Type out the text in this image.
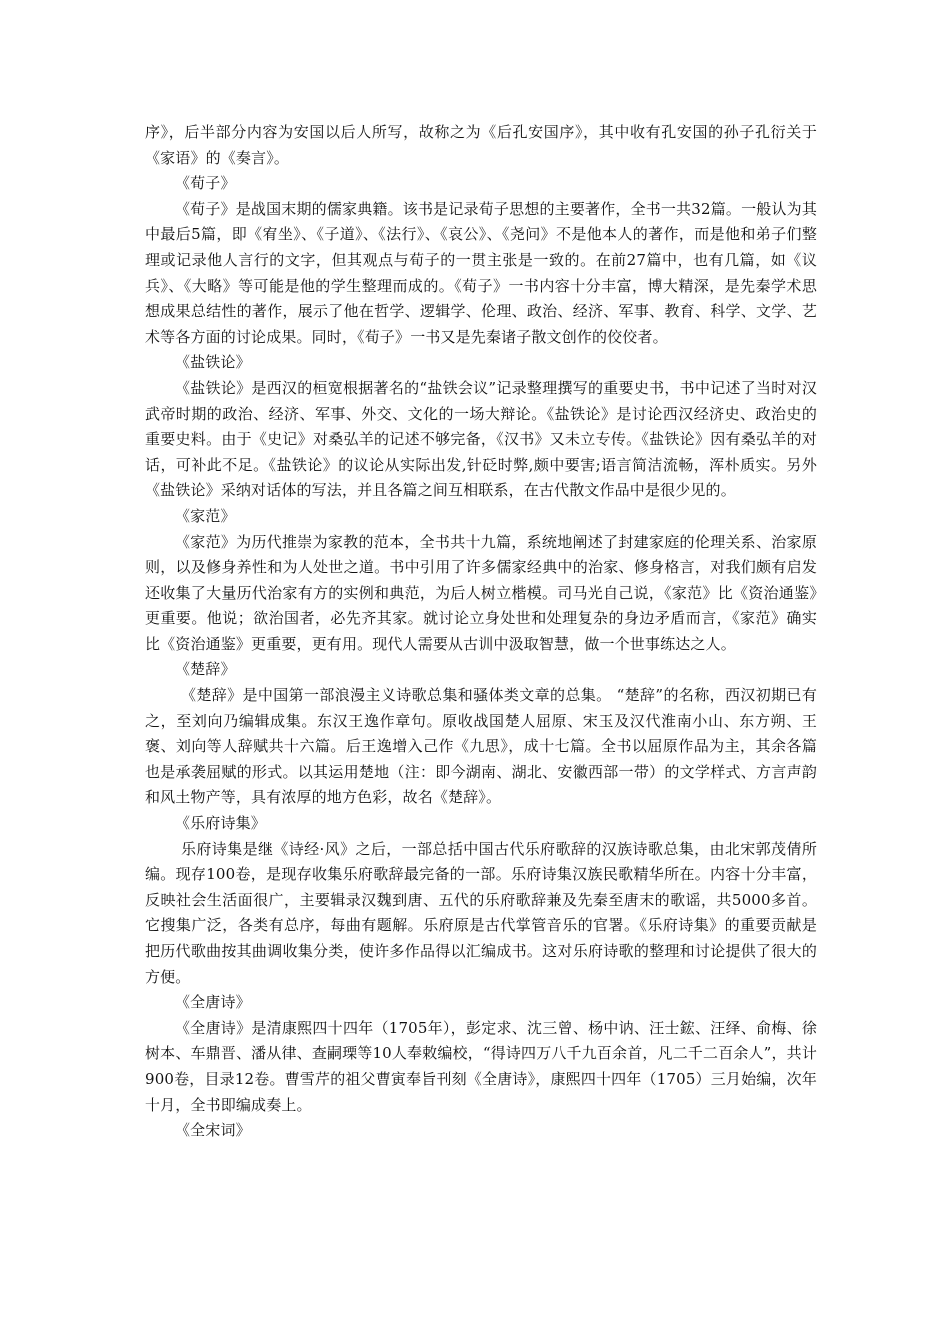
序》，后半部分内容为安国以后人所写，故称之为《后孔安国序》，其中收有孔安国的孙子孔衍关于《家语》的《奏言》。

《荀子》

《荀子》是战国末期的儒家典籍。该书是记录荀子思想的主要著作，全书一共32篇。一般认为其中最后5篇，即《宥坐》、《子道》、《法行》、《哀公》、《尧问》不是他本人的著作，而是他和弟子们整理或记录他人言行的文字，但其观点与荀子的一贯主张是一致的。在前27篇中，也有几篇，如《议兵》、《大略》等可能是他的学生整理而成的。《荀子》一书内容十分丰富，博大精深，是先秦学术思想成果总结性的著作，展示了他在哲学、逻辑学、伦理、政治、经济、军事、教育、科学、文学、艺术等各方面的讨论成果。同时，《荀子》一书又是先秦诸子散文创作的佼佼者。

《盐铁论》

《盐铁论》是西汉的桓宽根据著名的“盐铁会议”记录整理撰写的重要史书，书中记述了当时对汉武帝时期的政治、经济、军事、外交、文化的一场大辩论。《盐铁论》是讨论西汉经济史、政治史的重要史料。由于《史记》对桑弘羊的记述不够完备，《汉书》又未立专传。《盐铁论》因有桑弘羊的对话，可补此不足。《盐铁论》的议论从实际出发,针砭时弊,颇中要害;语言简洁流畅，浑朴质实。另外《盐铁论》采纳对话体的写法，并且各篇之间互相联系，在古代散文作品中是很少见的。

《家范》

《家范》为历代推崇为家教的范本，全书共十九篇，系统地阐述了封建家庭的伦理关系、治家原则，以及修身养性和为人处世之道。书中引用了许多儒家经典中的治家、修身格言，对我们颇有启发还收集了大量历代治家有方的实例和典范，为后人树立楷模。司马光自己说，《家范》比《资治通鉴》更重要。他说；欲治国者，必先齐其家。就讨论立身处世和处理复杂的身边矛盾而言，《家范》确实比《资治通鉴》更重要，更有用。现代人需要从古训中汲取智慧，做一个世事练达之人。

《楚辞》

《楚辞》是中国第一部浪漫主义诗歌总集和骚体类文章的总集。 “楚辞”的名称，西汉初期已有之，至刘向乃编辑成集。东汉王逸作章句。原收战国楚人屈原、宋玉及汉代淮南小山、东方朔、王褒、刘向等人辞赋共十六篇。后王逸增入己作《九思》，成十七篇。全书以屈原作品为主，其余各篇也是承袭屈赋的形式。以其运用楚地（注：即今湖南、湖北、安徽西部一带）的文学样式、方言声韵和风土物产等，具有浓厚的地方色彩，故名《楚辞》。

《乐府诗集》

乐府诗集是继《诗经·风》之后，一部总括中国古代乐府歌辞的汉族诗歌总集，由北宋郭茂倩所编。现存100卷，是现存收集乐府歌辞最完备的一部。乐府诗集汉族民歌精华所在。内容十分丰富，反映社会生活面很广，主要辑录汉魏到唐、五代的乐府歌辞兼及先秦至唐末的歌谣，共5000多首。它搜集广泛，各类有总序，每曲有题解。乐府原是古代掌管音乐的官署。《乐府诗集》的重要贡献是把历代歌曲按其曲调收集分类，使许多作品得以汇编成书。这对乐府诗歌的整理和讨论提供了很大的方便。

《全唐诗》

《全唐诗》是清康熙四十四年（1705年），彭定求、沈三曾、杨中讷、汪士鋐、汪绎、俞梅、徐树本、车鼎晋、潘从律、查嗣瑮等10人奉敕编校，“得诗四万八千九百余首，凡二千二百余人”，共计900卷，目录12卷。曹雪芹的祖父曹寅奉旨刊刻《全唐诗》，康熙四十四年（1705）三月始编，次年十月，全书即编成奏上。

《全宋词》
